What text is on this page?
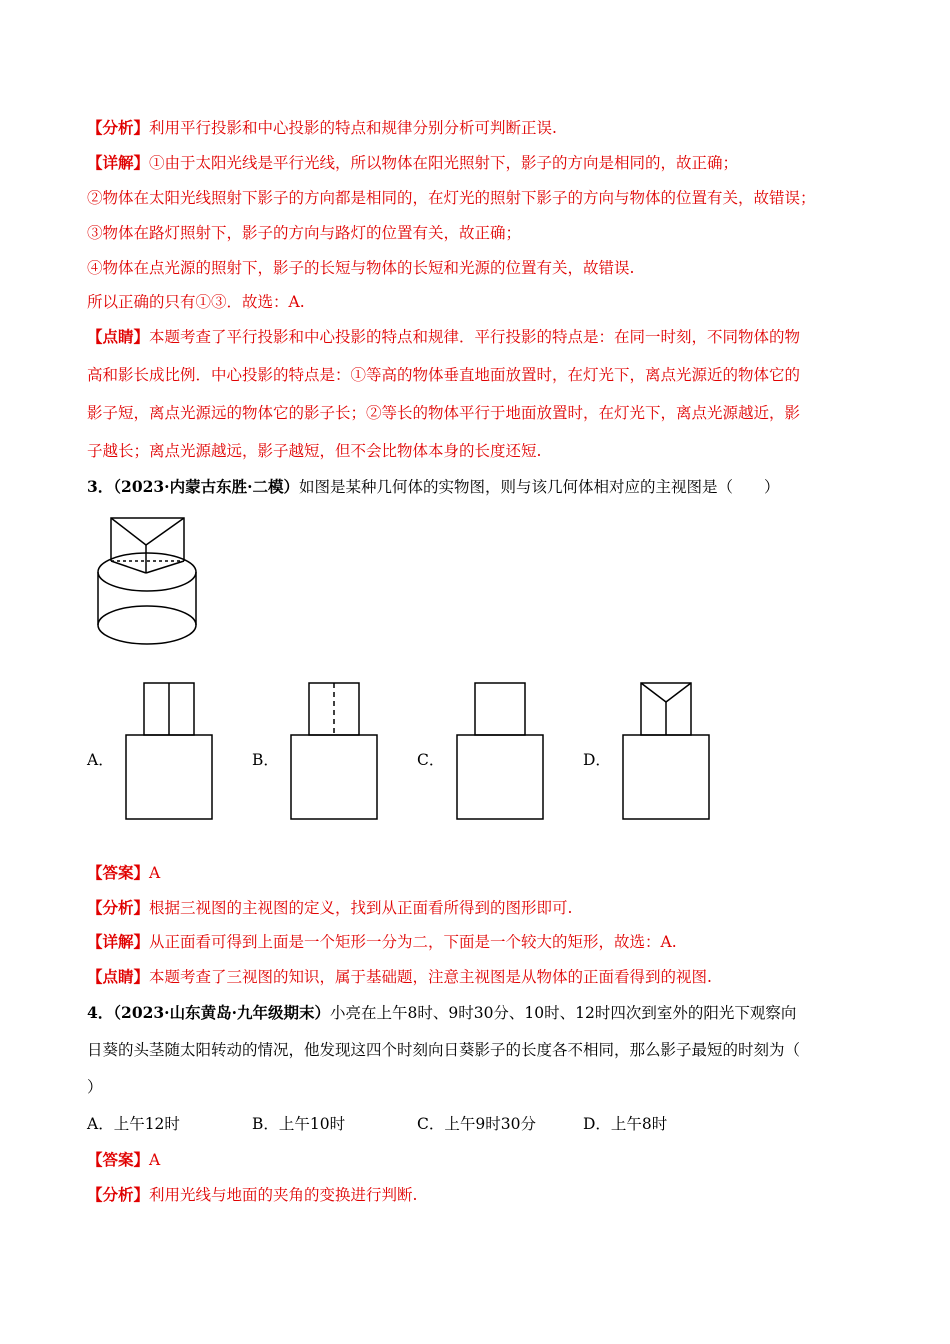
【分析】利用平行投影和中心投影的特点和规律分别分析可判断正误.
【详解】①由于太阳光线是平行光线，所以物体在阳光照射下，影子的方向是相同的，故正确；
②物体在太阳光线照射下影子的方向都是相同的，在灯光的照射下影子的方向与物体的位置有关，故错误；
③物体在路灯照射下，影子的方向与路灯的位置有关，故正确；
④物体在点光源的照射下，影子的长短与物体的长短和光源的位置有关，故错误.
所以正确的只有①③．故选：A.
【点睛】本题考查了平行投影和中心投影的特点和规律．平行投影的特点是：在同一时刻，不同物体的物
高和影长成比例．中心投影的特点是：①等高的物体垂直地面放置时，在灯光下，离点光源近的物体它的
影子短，离点光源远的物体它的影子长；②等长的物体平行于地面放置时，在灯光下，离点光源越近，影
子越长；离点光源越远，影子越短，但不会比物体本身的长度还短.
3．（2023·内蒙古东胜·二模）如图是某种几何体的实物图，则与该几何体相对应的主视图是（　　）
A．	B．	C．	D．
【答案】A
【分析】根据三视图的主视图的定义，找到从正面看所得到的图形即可.
【详解】从正面看可得到上面是一个矩形一分为二，下面是一个较大的矩形，故选：A.
【点睛】本题考查了三视图的知识，属于基础题，注意主视图是从物体的正面看得到的视图.
4．（2023·山东黄岛·九年级期末）小亮在上午8时、9时30分、10时、12时四次到室外的阳光下观察向
日葵的头茎随太阳转动的情况，他发现这四个时刻向日葵影子的长度各不相同，那么影子最短的时刻为（
）
A．上午12时	B．上午10时	C．上午9时30分	D．上午8时
【答案】A
【分析】利用光线与地面的夹角的变换进行判断.
